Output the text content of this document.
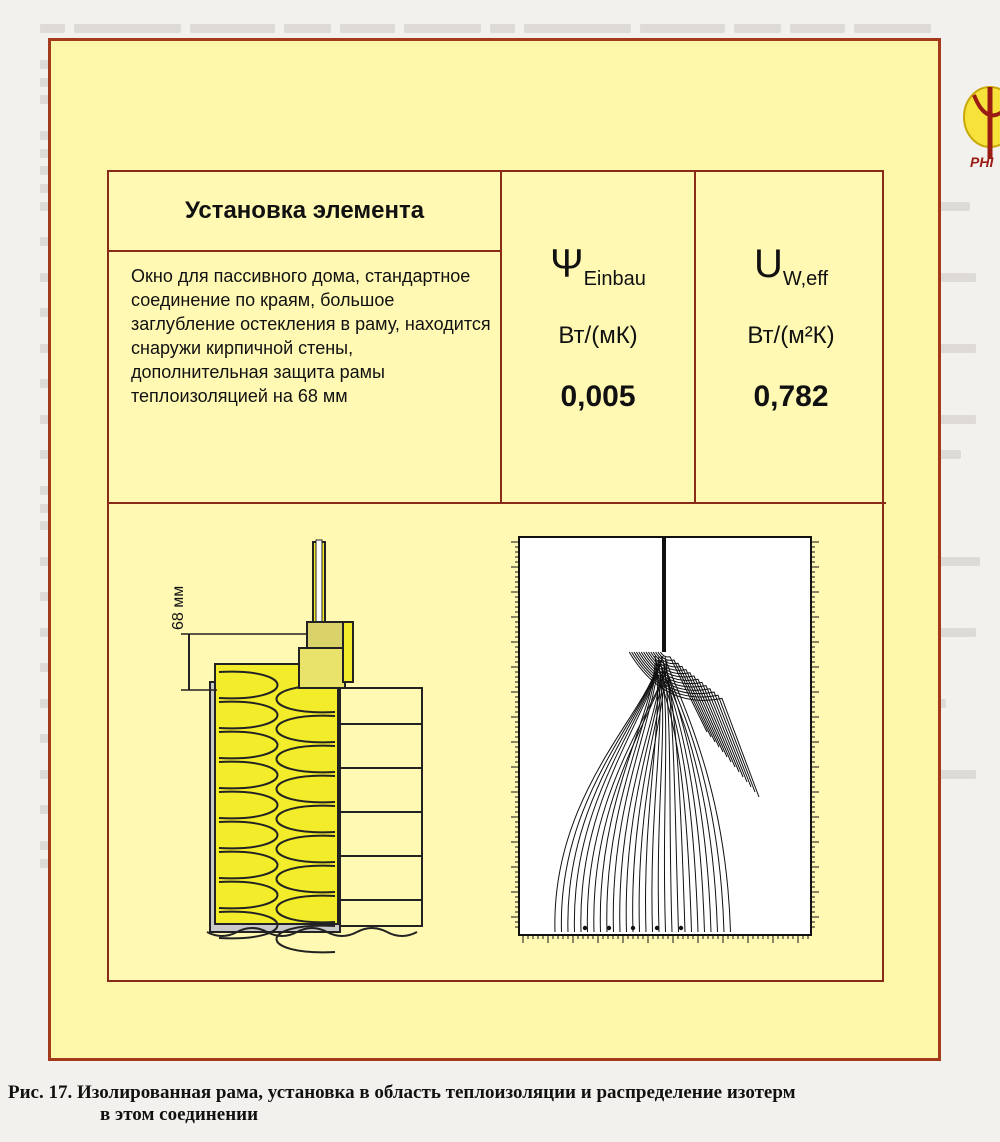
PHI
Установка элемента
Окно для пассивного дома, стандартное соединение по краям, большое заглубление остекления в раму, находится снаружи кирпичной стены, дополнительная защита рамы теплоизоляцией на 68 мм
$\Psi_{Einbau}$
Вт/(мК)
0,005
$U_{W,eff}$
Вт/(м²К)
0,782
68 мм
Рис. 17. Изолированная рама, установка в область теплоизоляции и распределение изотерм
в этом соединении
